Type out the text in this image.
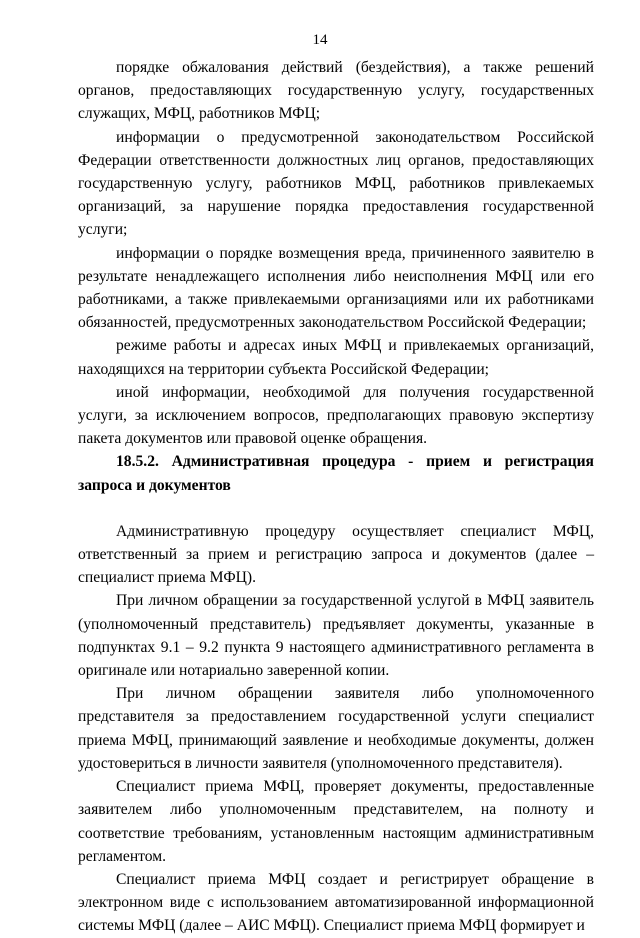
14

порядке обжалования действий (бездействия), а также решений органов, предоставляющих государственную услугу, государственных служащих, МФЦ, работников МФЦ;

информации о предусмотренной законодательством Российской Федерации ответственности должностных лиц органов, предоставляющих государственную услугу, работников МФЦ, работников привлекаемых организаций, за нарушение порядка предоставления государственной услуги;

информации о порядке возмещения вреда, причиненного заявителю в результате ненадлежащего исполнения либо неисполнения МФЦ или его работниками, а также привлекаемыми организациями или их работниками обязанностей, предусмотренных законодательством Российской Федерации;

режиме работы и адресах иных МФЦ и привлекаемых организаций, находящихся на территории субъекта Российской Федерации;

иной информации, необходимой для получения государственной услуги, за исключением вопросов, предполагающих правовую экспертизу пакета документов или правовой оценке обращения.

18.5.2. Административная процедура - прием и регистрация запроса и документов

Административную процедуру осуществляет специалист МФЦ, ответственный за прием и регистрацию запроса и документов (далее – специалист приема МФЦ).

При личном обращении за государственной услугой в МФЦ заявитель (уполномоченный представитель) предъявляет документы, указанные в подпунктах 9.1 – 9.2 пункта 9 настоящего административного регламента в оригинале или нотариально заверенной копии.

При личном обращении заявителя либо уполномоченного представителя за предоставлением государственной услуги специалист приема МФЦ, принимающий заявление и необходимые документы, должен удостовериться в личности заявителя (уполномоченного представителя).

Специалист приема МФЦ, проверяет документы, предоставленные заявителем либо уполномоченным представителем, на полноту и соответствие требованиям, установленным настоящим административным регламентом.

Специалист приема МФЦ создает и регистрирует обращение в электронном виде с использованием автоматизированной информационной системы МФЦ (далее – АИС МФЦ). Специалист приема МФЦ формирует и
